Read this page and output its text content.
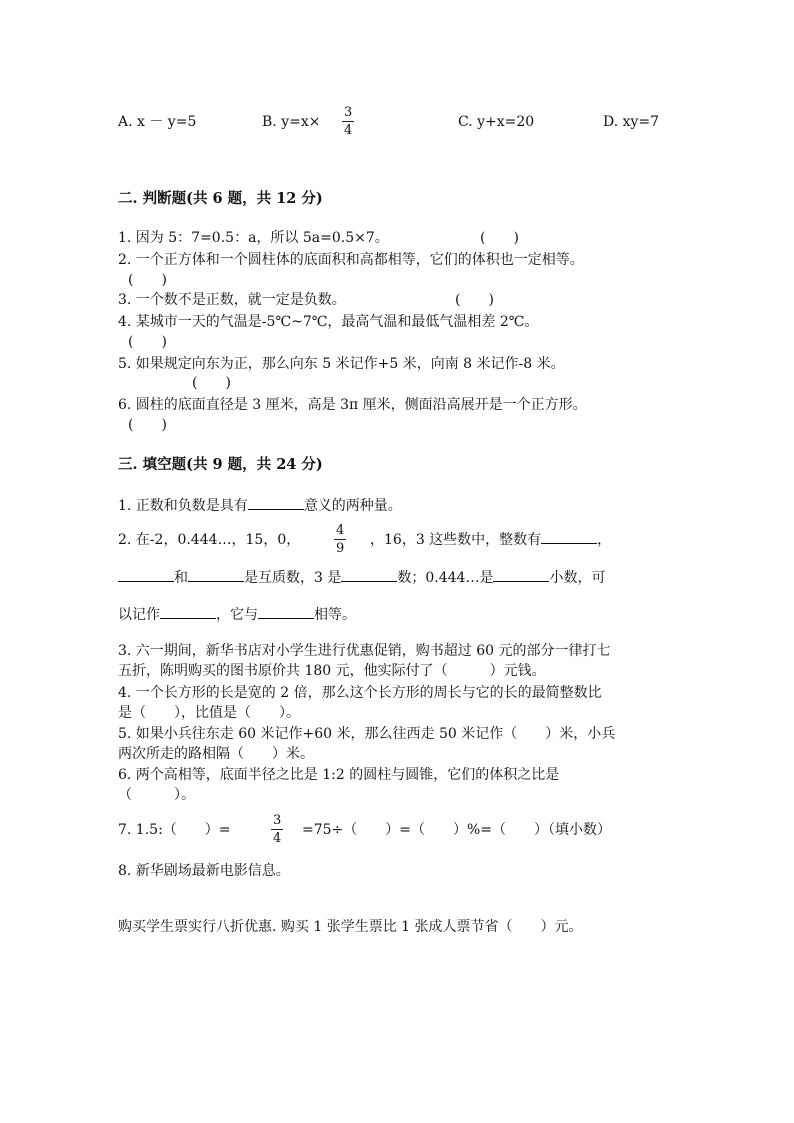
A. x － y=5	B. y=x×
3
4
C. y+x=20	D. xy=7
二. 判断题(共 6 题，共 12 分)
1. 因为 5：7=0.5：a，所以 5a=0.5×7。	(　　)
2. 一个正方体和一个圆柱体的底面积和高都相等，它们的体积也一定相等。
(　　)
3. 一个数不是正数，就一定是负数。	(　　)
4. 某城市一天的气温是-5℃~7℃，最高气温和最低气温相差 2℃。
(　　)
5. 如果规定向东为正，那么向东 5 米记作+5 米，向南 8 米记作-8 米。
(　　)
6. 圆柱的底面直径是 3 厘米，高是 3π 厘米，侧面沿高展开是一个正方形。
(　　)
三. 填空题(共 9 题，共 24 分)
1. 正数和负数是具有	意义的两种量。
2. 在-2，0.444…，15，0，
4
9
，16，3 这些数中，整数有	，
和	是互质数，3 是	数；0.444…是	小数，可
以记作	，它与	相等。
3. 六一期间，新华书店对小学生进行优惠促销，购书超过 60 元的部分一律打七
五折，陈明购买的图书原价共 180 元，他实际付了（　　　）元钱。
4. 一个长方形的长是宽的 2 倍，那么这个长方形的周长与它的长的最简整数比
是（　　），比值是（　　）。
5. 如果小兵往东走 60 米记作+60 米，那么往西走 50 米记作（　　）米，小兵
两次所走的路相隔（　　）米。
6. 两个高相等，底面半径之比是 1:2 的圆柱与圆锥，它们的体积之比是
（　　　）。
7. 1.5:（　　）=
3
4
=75÷（　　）=（　　）%=（　　）（填小数）
8. 新华剧场最新电影信息。
购买学生票实行八折优惠. 购买 1 张学生票比 1 张成人票节省（　　）元。
